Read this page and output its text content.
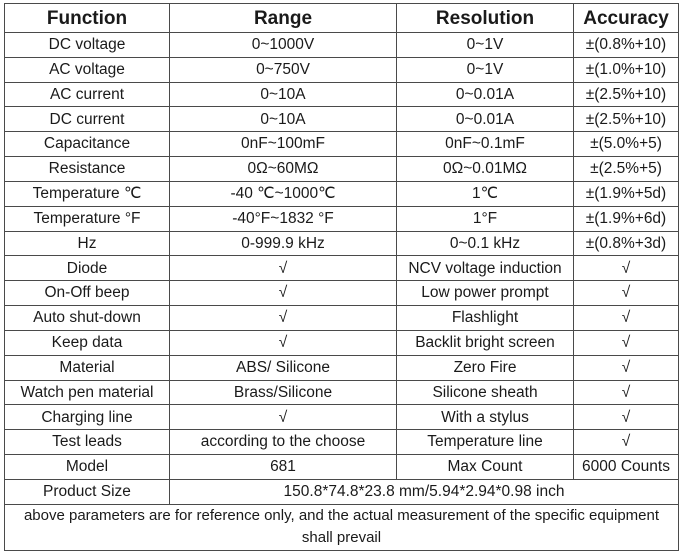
Function	Range	Resolution	Accuracy
DC voltage	0~1000V	0~1V	±(0.8%+10)
AC voltage	0~750V	0~1V	±(1.0%+10)
AC current	0~10A	0~0.01A	±(2.5%+10)
DC current	0~10A	0~0.01A	±(2.5%+10)
Capacitance	0nF~100mF	0nF~0.1mF	±(5.0%+5)
Resistance	0Ω~60MΩ	0Ω~0.01MΩ	±(2.5%+5)
Temperature ℃	-40 ℃~1000℃	1℃	±(1.9%+5d)
Temperature °F	-40°F~1832 °F	1°F	±(1.9%+6d)
Hz	0-999.9 kHz	0~0.1 kHz	±(0.8%+3d)
Diode	√	NCV voltage induction	√
On-Off beep	√	Low power prompt	√
Auto shut-down	√	Flashlight	√
Keep data	√	Backlit bright screen	√
Material	ABS/ Silicone	Zero Fire	√
Watch pen material	Brass/Silicone	Silicone sheath	√
Charging line	√	With a stylus	√
Test leads	according to the choose	Temperature line	√
Model	681	Max Count	6000 Counts
Product Size	150.8*74.8*23.8 mm/5.94*2.94*0.98 inch		
above parameters are for reference only, and the actual measurement of the specific equipment shall prevail			
